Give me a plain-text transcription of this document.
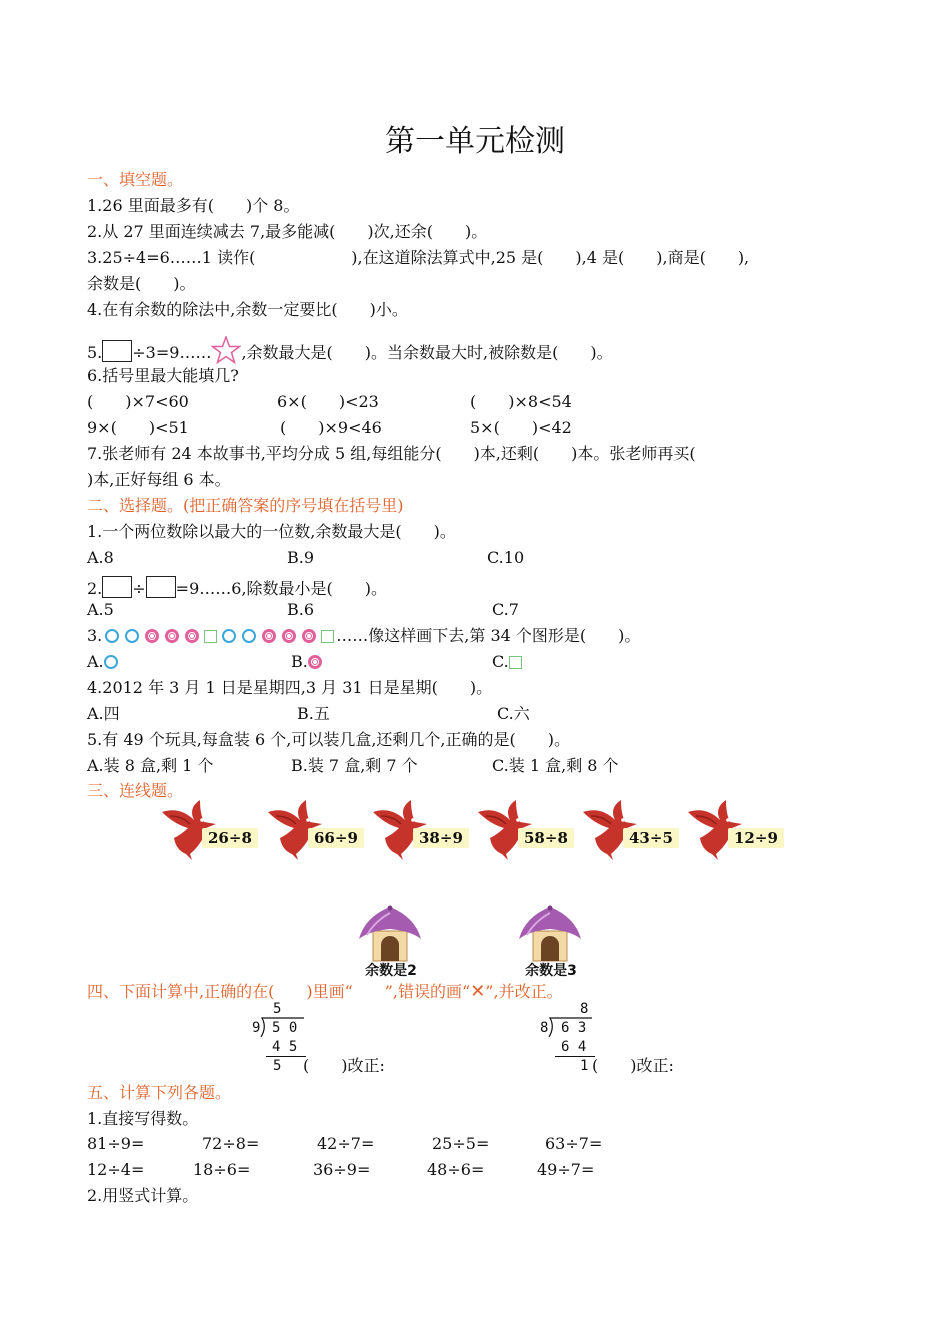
第一单元检测
一、填空题。
1.26 里面最多有(　　)个 8。
2.从 27 里面连续减去 7,最多能减(　　)次,还余(　　)。
3.25÷4=6……1 读作(　　　　　　),在这道除法算式中,25 是(　　),4 是(　　),商是(　　),
余数是(　　)。
4.在有余数的除法中,余数一定要比(　　)小。
5. ÷3=9…… ,余数最大是(　　)。当余数最大时,被除数是(　　)。
6.括号里最大能填几?
(　　)×7<60	6×(　　)<23	(　　)×8<54
9×(　　)<51	(　　)×9<46	5×(　　)<42
7.张老师有 24 本故事书,平均分成 5 组,每组能分(　　)本,还剩(　　)本。张老师再买(
)本,正好每组 6 本。
二、选择题。(把正确答案的序号填在括号里)
1.一个两位数除以最大的一位数,余数最大是(　　)。
A.8	B.9	C.10
2. ÷ =9……6,除数最小是(　　)。
A.5	B.6	C.7
3.	……像这样画下去,第 34 个图形是(　　)。
A.	B.	C.
4.2012 年 3 月 1 日是星期四,3 月 31 日是星期(　　)。
A.四	B.五	C.六
5.有 49 个玩具,每盒装 6 个,可以装几盒,还剩几个,正确的是(　　)。
A.装 8 盒,剩 1 个	B.装 7 盒,剩 7 个	C.装 1 盒,剩 8 个
三、连线题。
26÷8	66÷9	38÷9	58÷8	43÷5	12÷9
余数是2	余数是3
四、下面计算中,正确的在(　　)里画“　　”,错误的画“✕”,并改正。
5
9 5 0
4 5
5 (　　)改正:
8
8 6 3
6 4
1 (　　)改正:
五、计算下列各题。
1.直接写得数。
81÷9=	72÷8=	42÷7=	25÷5=	63÷7=
12÷4=	18÷6=	36÷9=	48÷6=	49÷7=
2.用竖式计算。
